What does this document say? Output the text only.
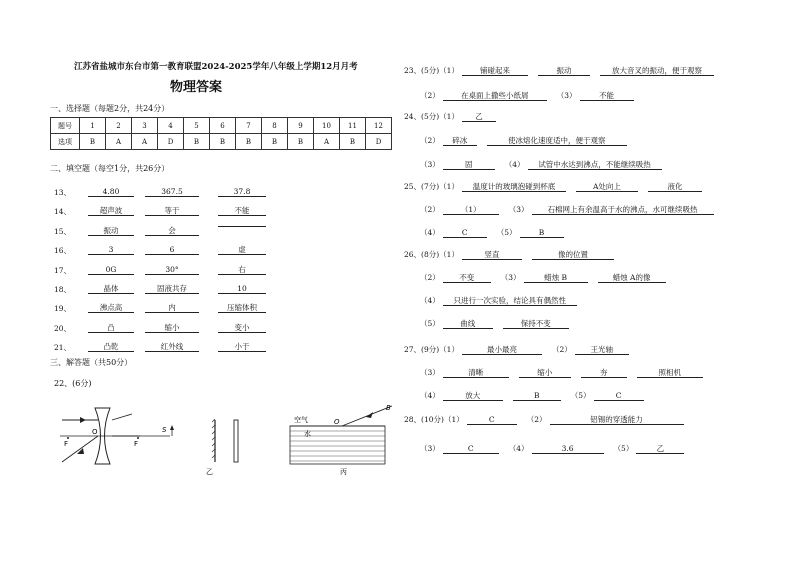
江苏省盐城市东台市第一教育联盟2024-2025学年八年级上学期12月月考
物理答案
一、选择题（每题2分，共24分）
题号	1	2	3	4	5	6	7	8	9	10	11	12
选项	B	A	A	D	B	B	B	B	B	A	B	D
二、填空题（每空1分，共26分）
13、	4.80	367.5	37.8
14、	超声波	等于	不能
15、	振动	会
16、	3	6	虚
17、	0G	30°	右
18、	晶体	固液共存	10
19、	沸点高	内	压缩体积
20、	凸	缩小	变小
21、	凸乾	红外线	小于
三、解答题（共50分）
22、(6分)
F
O
F
S
乙
空气
水
O
B
丙
23、(5分)（1）	铺碰起来	振动	放大音叉的振动，便于观察
（2）	在桌面上撒些小纸屑	（3）	不能
24、(5分)（1） 乙
（2） 碎冰	使冰熔化速度适中，便于观察
（3）	固	（4） 试管中水达到沸点，不能继续吸热
25、(7分)（1） 温度计的玻璃泡碰到杯底	A处向上	液化
（2）	（1）	（3）	石棉网上有余温高于水的沸点，水可继续吸热
（4）	C	（5）	B
26、(8分)（1）	竖直	像的位置
（2）	不变	（3）	蜡烛 B	蜡烛 A的像
（4） 只进行一次实验，结论具有偶然性
（5）	曲线	保持不变
27、(9分)（1）	最小最亮	（2）	王光轴
（3）	清晰	缩小	夯	照相机
（4）	放大	B	（5）	C
28、(10分)（1）	C	（2）	铝锡的穿透能力
（3）	C	（4）	3.6	（5）	乙
